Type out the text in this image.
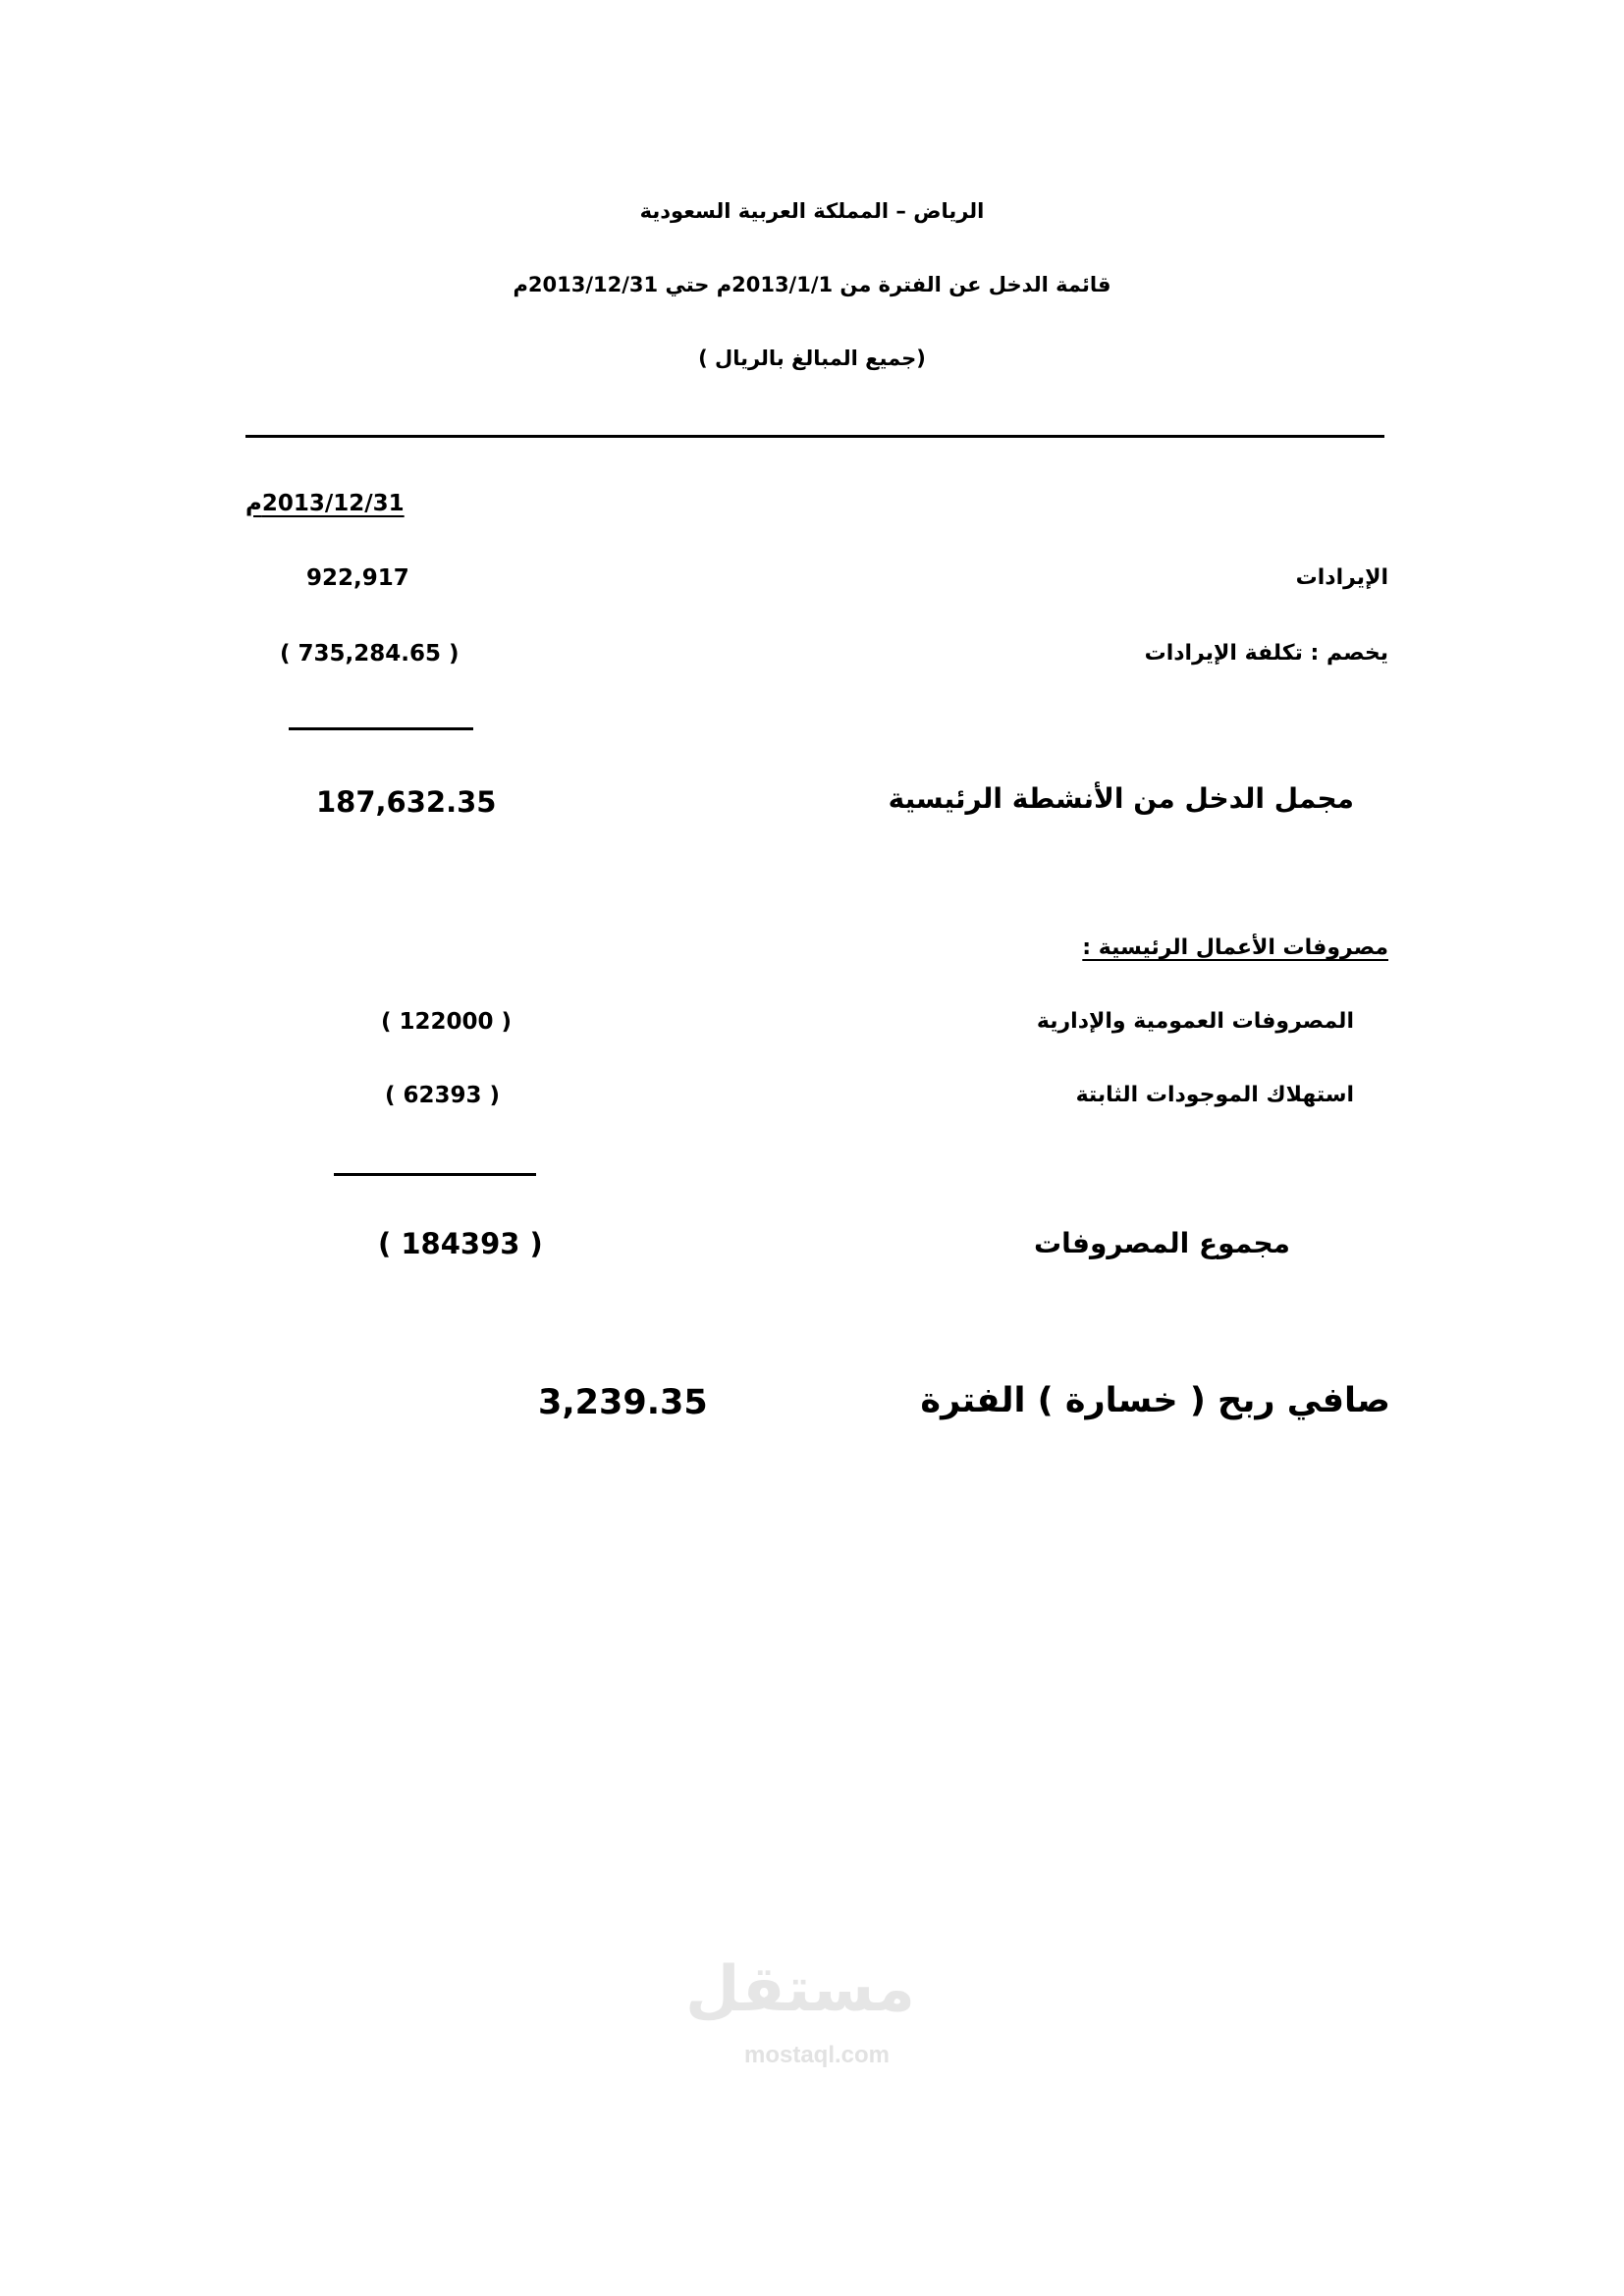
الرياض – المملكة العربية السعودية
قائمة الدخل عن الفترة من 2013/1/1م حتي 2013/12/31م
(جميع المبالغ بالريال )
2013/12/31م
الإيرادات
922,917
يخصم : تكلفة الإيرادات
( 735,284.65 )
مجمل الدخل من الأنشطة الرئيسية
187,632.35
مصروفات الأعمال الرئيسية :
المصروفات العمومية والإدارية
( 122000 )
استهلاك الموجودات الثابتة
( 62393 )
مجموع المصروفات
( 184393 )
صافي ربح ( خسارة ) الفترة
3,239.35
مستقل
mostaql.com
